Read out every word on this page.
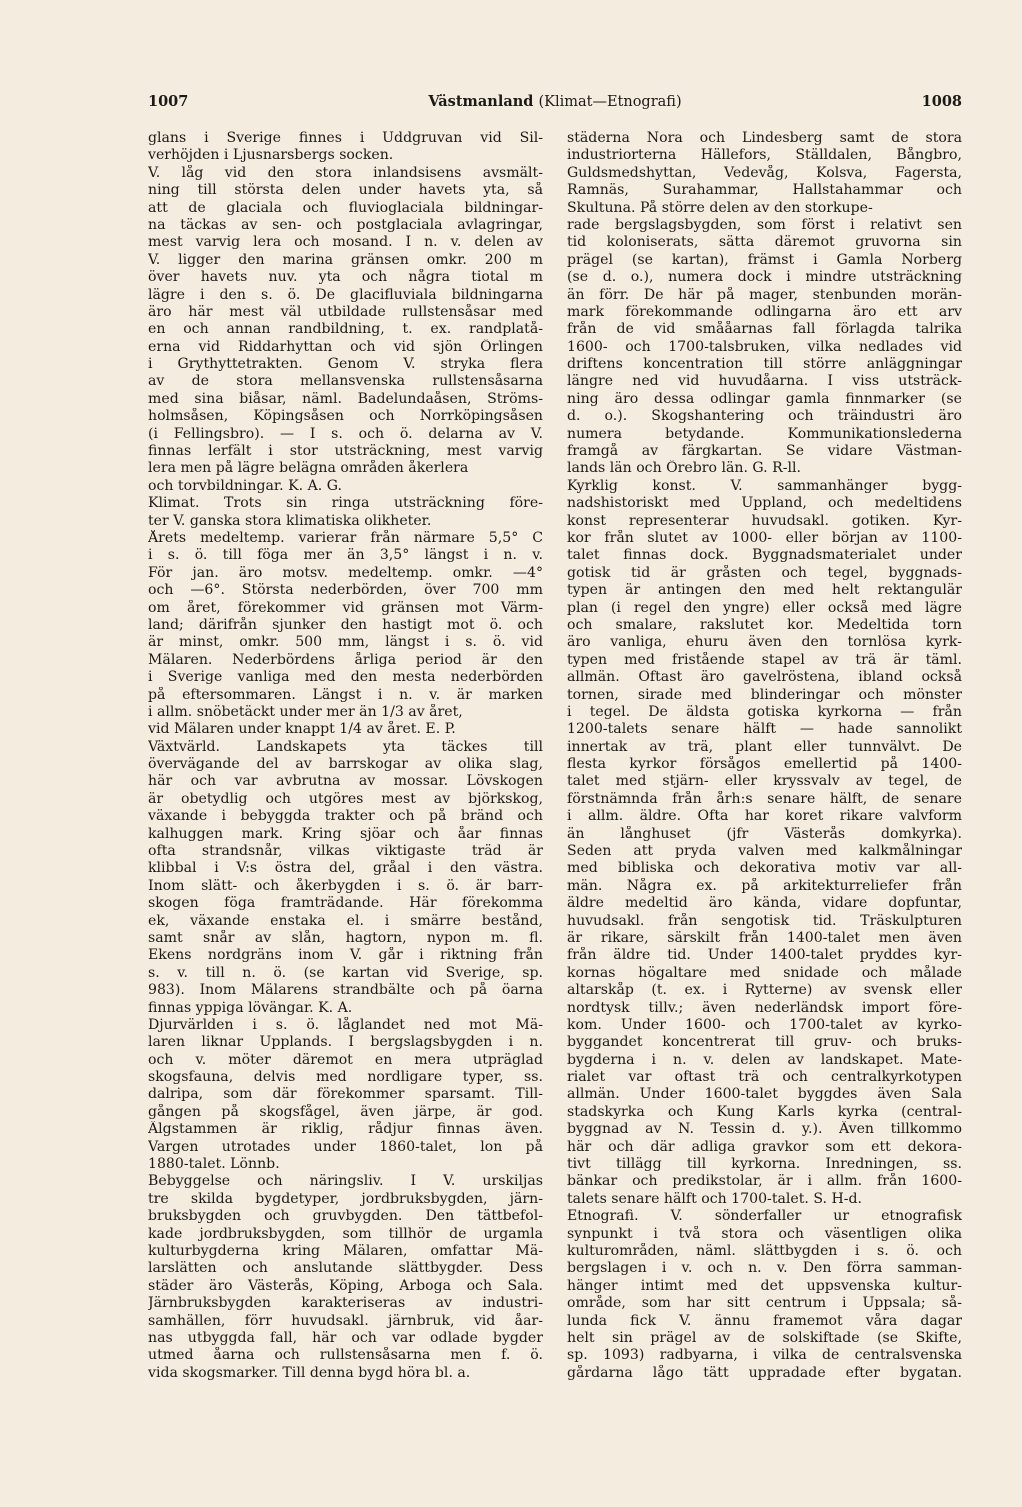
1007	Västmanland (Klimat—Etnografi)	1008
glans i Sverige finnes i Uddgruvan vid Sil-
verhöjden i Ljusnarsbergs socken.
V. låg vid den stora inlandsisens avsmält-
ning till största delen under havets yta, så
att de glaciala och fluvioglaciala bildningar-
na täckas av sen- och postglaciala avlagringar,
mest varvig lera och mosand. I n. v. delen av
V. ligger den marina gränsen omkr. 200 m
över havets nuv. yta och några tiotal m
lägre i den s. ö. De glacifluviala bildningarna
äro här mest väl utbildade rullstensåsar med
en och annan randbildning, t. ex. randplatå-
erna vid Riddarhyttan och vid sjön Örlingen
i Grythyttetrakten. Genom V. stryka flera
av de stora mellansvenska rullstensåsarna
med sina biåsar, näml. Badelundaåsen, Ströms-
holmsåsen, Köpingsåsen och Norrköpingsåsen
(i Fellingsbro). — I s. och ö. delarna av V.
finnas lerfält i stor utsträckning, mest varvig
lera men på lägre belägna områden åkerlera
och torvbildningar. K. A. G.
Klimat. Trots sin ringa utsträckning före-
ter V. ganska stora klimatiska olikheter.
Årets medeltemp. varierar från närmare 5,5° C
i s. ö. till föga mer än 3,5° längst i n. v.
För jan. äro motsv. medeltemp. omkr. —4°
och —6°. Största nederbörden, över 700 mm
om året, förekommer vid gränsen mot Värm-
land; därifrån sjunker den hastigt mot ö. och
är minst, omkr. 500 mm, längst i s. ö. vid
Mälaren. Nederbördens årliga period är den
i Sverige vanliga med den mesta nederbörden
på eftersommaren. Längst i n. v. är marken
i allm. snöbetäckt under mer än 1/3 av året,
vid Mälaren under knappt 1/4 av året. E. P.
Växtvärld. Landskapets yta täckes till
övervägande del av barrskogar av olika slag,
här och var avbrutna av mossar. Lövskogen
är obetydlig och utgöres mest av björkskog,
växande i bebyggda trakter och på bränd och
kalhuggen mark. Kring sjöar och åar finnas
ofta strandsnår, vilkas viktigaste träd är
klibbal i V:s östra del, gråal i den västra.
Inom slätt- och åkerbygden i s. ö. är barr-
skogen föga framträdande. Här förekomma
ek, växande enstaka el. i smärre bestånd,
samt snår av slån, hagtorn, nypon m. fl.
Ekens nordgräns inom V. går i riktning från
s. v. till n. ö. (se kartan vid Sverige, sp.
983). Inom Mälarens strandbälte och på öarna
finnas yppiga lövängar. K. A.
Djurvärlden i s. ö. låglandet ned mot Mä-
laren liknar Upplands. I bergslagsbygden i n.
och v. möter däremot en mera utpräglad
skogsfauna, delvis med nordligare typer, ss.
dalripa, som där förekommer sparsamt. Till-
gången på skogsfågel, även järpe, är god.
Älgstammen är riklig, rådjur finnas även.
Vargen utrotades under 1860-talet, lon på
1880-talet. Lönnb.
Bebyggelse och näringsliv. I V. urskiljas
tre skilda bygdetyper, jordbruksbygden, järn-
bruksbygden och gruvbygden. Den tättbefol-
kade jordbruksbygden, som tillhör de urgamla
kulturbygderna kring Mälaren, omfattar Mä-
larslätten och anslutande slättbygder. Dess
städer äro Västerås, Köping, Arboga och Sala.
Järnbruksbygden karakteriseras av industri-
samhällen, förr huvudsakl. järnbruk, vid åar-
nas utbyggda fall, här och var odlade bygder
utmed åarna och rullstensåsarna men f. ö.
vida skogsmarker. Till denna bygd höra bl. a.
städerna Nora och Lindesberg samt de stora
industriorterna Hällefors, Ställdalen, Bångbro,
Guldsmedshyttan, Vedevåg, Kolsva, Fagersta,
Ramnäs, Surahammar, Hallstahammar och
Skultuna. På större delen av den storkupe-
rade bergslagsbygden, som först i relativt sen
tid koloniserats, sätta däremot gruvorna sin
prägel (se kartan), främst i Gamla Norberg
(se d. o.), numera dock i mindre utsträckning
än förr. De här på mager, stenbunden morän-
mark förekommande odlingarna äro ett arv
från de vid smååarnas fall förlagda talrika
1600- och 1700-talsbruken, vilka nedlades vid
driftens koncentration till större anläggningar
längre ned vid huvudåarna. I viss utsträck-
ning äro dessa odlingar gamla finnmarker (se
d. o.). Skogshantering och träindustri äro
numera betydande. Kommunikationslederna
framgå av färgkartan. Se vidare Västman-
lands län och Örebro län. G. R-ll.
Kyrklig konst. V. sammanhänger bygg-
nadshistoriskt med Uppland, och medeltidens
konst representerar huvudsakl. gotiken. Kyr-
kor från slutet av 1000- eller början av 1100-
talet finnas dock. Byggnadsmaterialet under
gotisk tid är gråsten och tegel, byggnads-
typen är antingen den med helt rektangulär
plan (i regel den yngre) eller också med lägre
och smalare, rakslutet kor. Medeltida torn
äro vanliga, ehuru även den tornlösa kyrk-
typen med fristående stapel av trä är täml.
allmän. Oftast äro gavelröstena, ibland också
tornen, sirade med blinderingar och mönster
i tegel. De äldsta gotiska kyrkorna — från
1200-talets senare hälft — hade sannolikt
innertak av trä, plant eller tunnvälvt. De
flesta kyrkor försågos emellertid på 1400-
talet med stjärn- eller kryssvalv av tegel, de
förstnämnda från årh:s senare hälft, de senare
i allm. äldre. Ofta har koret rikare valvform
än långhuset (jfr Västerås domkyrka).
Seden att pryda valven med kalkmålningar
med bibliska och dekorativa motiv var all-
män. Några ex. på arkitekturreliefer från
äldre medeltid äro kända, vidare dopfuntar,
huvudsakl. från sengotisk tid. Träskulpturen
är rikare, särskilt från 1400-talet men även
från äldre tid. Under 1400-talet pryddes kyr-
kornas högaltare med snidade och målade
altarskåp (t. ex. i Rytterne) av svensk eller
nordtysk tillv.; även nederländsk import före-
kom. Under 1600- och 1700-talet av kyrko-
byggandet koncentrerat till gruv- och bruks-
bygderna i n. v. delen av landskapet. Mate-
rialet var oftast trä och centralkyrkotypen
allmän. Under 1600-talet byggdes även Sala
stadskyrka och Kung Karls kyrka (central-
byggnad av N. Tessin d. y.). Även tillkommo
här och där adliga gravkor som ett dekora-
tivt tillägg till kyrkorna. Inredningen, ss.
bänkar och predikstolar, är i allm. från 1600-
talets senare hälft och 1700-talet. S. H-d.
Etnografi. V. sönderfaller ur etnografisk
synpunkt i två stora och väsentligen olika
kulturområden, näml. slättbygden i s. ö. och
bergslagen i v. och n. v. Den förra samman-
hänger intimt med det uppsvenska kultur-
område, som har sitt centrum i Uppsala; så-
lunda fick V. ännu framemot våra dagar
helt sin prägel av de solskiftade (se Skifte,
sp. 1093) radbyarna, i vilka de centralsvenska
gårdarna lågo tätt uppradade efter bygatan.
